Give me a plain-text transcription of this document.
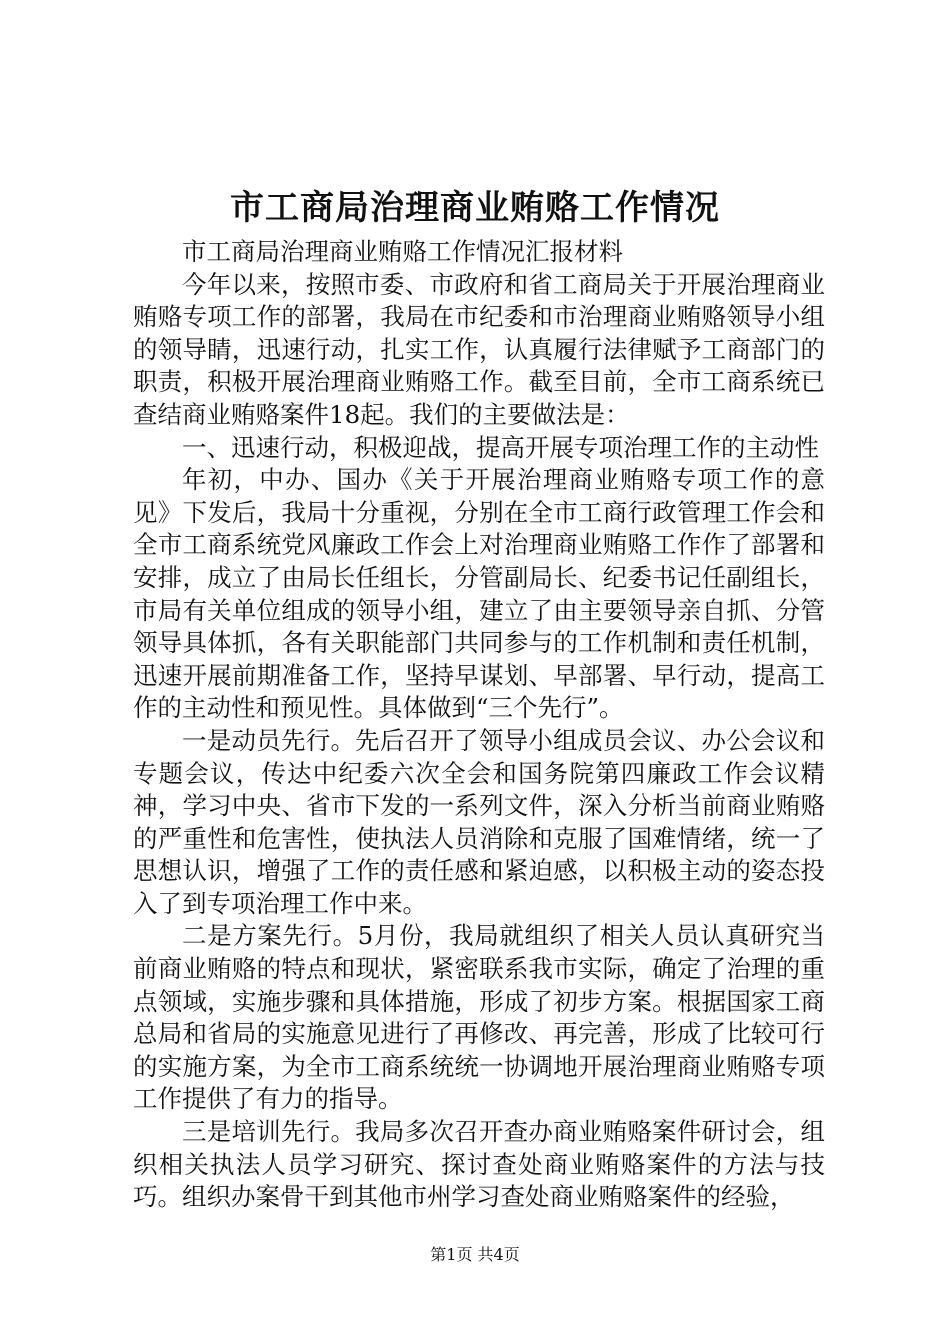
市工商局治理商业贿赂工作情况

市工商局治理商业贿赂工作情况汇报材料

今年以来，按照市委、市政府和省工商局关于开展治理商业贿赂专项工作的部署，我局在市纪委和市治理商业贿赂领导小组的领导睛，迅速行动，扎实工作，认真履行法律赋予工商部门的职责，积极开展治理商业贿赂工作。截至目前，全市工商系统已查结商业贿赂案件18起。我们的主要做法是：

一、迅速行动，积极迎战，提高开展专项治理工作的主动性

年初，中办、国办《关于开展治理商业贿赂专项工作的意见》下发后，我局十分重视，分别在全市工商行政管理工作会和全市工商系统党风廉政工作会上对治理商业贿赂工作作了部署和安排，成立了由局长任组长，分管副局长、纪委书记任副组长，市局有关单位组成的领导小组，建立了由主要领导亲自抓、分管领导具体抓，各有关职能部门共同参与的工作机制和责任机制，迅速开展前期准备工作，坚持早谋划、早部署、早行动，提高工作的主动性和预见性。具体做到“三个先行”。

一是动员先行。先后召开了领导小组成员会议、办公会议和专题会议，传达中纪委六次全会和国务院第四廉政工作会议精神，学习中央、省市下发的一系列文件，深入分析当前商业贿赂的严重性和危害性，使执法人员消除和克服了国难情绪，统一了思想认识，增强了工作的责任感和紧迫感，以积极主动的姿态投入了到专项治理工作中来。

二是方案先行。5月份，我局就组织了相关人员认真研究当前商业贿赂的特点和现状，紧密联系我市实际，确定了治理的重点领域，实施步骤和具体措施，形成了初步方案。根据国家工商总局和省局的实施意见进行了再修改、再完善，形成了比较可行的实施方案，为全市工商系统统一协调地开展治理商业贿赂专项工作提供了有力的指导。

三是培训先行。我局多次召开查办商业贿赂案件研讨会，组织相关执法人员学习研究、探讨查处商业贿赂案件的方法与技巧。组织办案骨干到其他市州学习查处商业贿赂案件的经验，

第1页 共4页
